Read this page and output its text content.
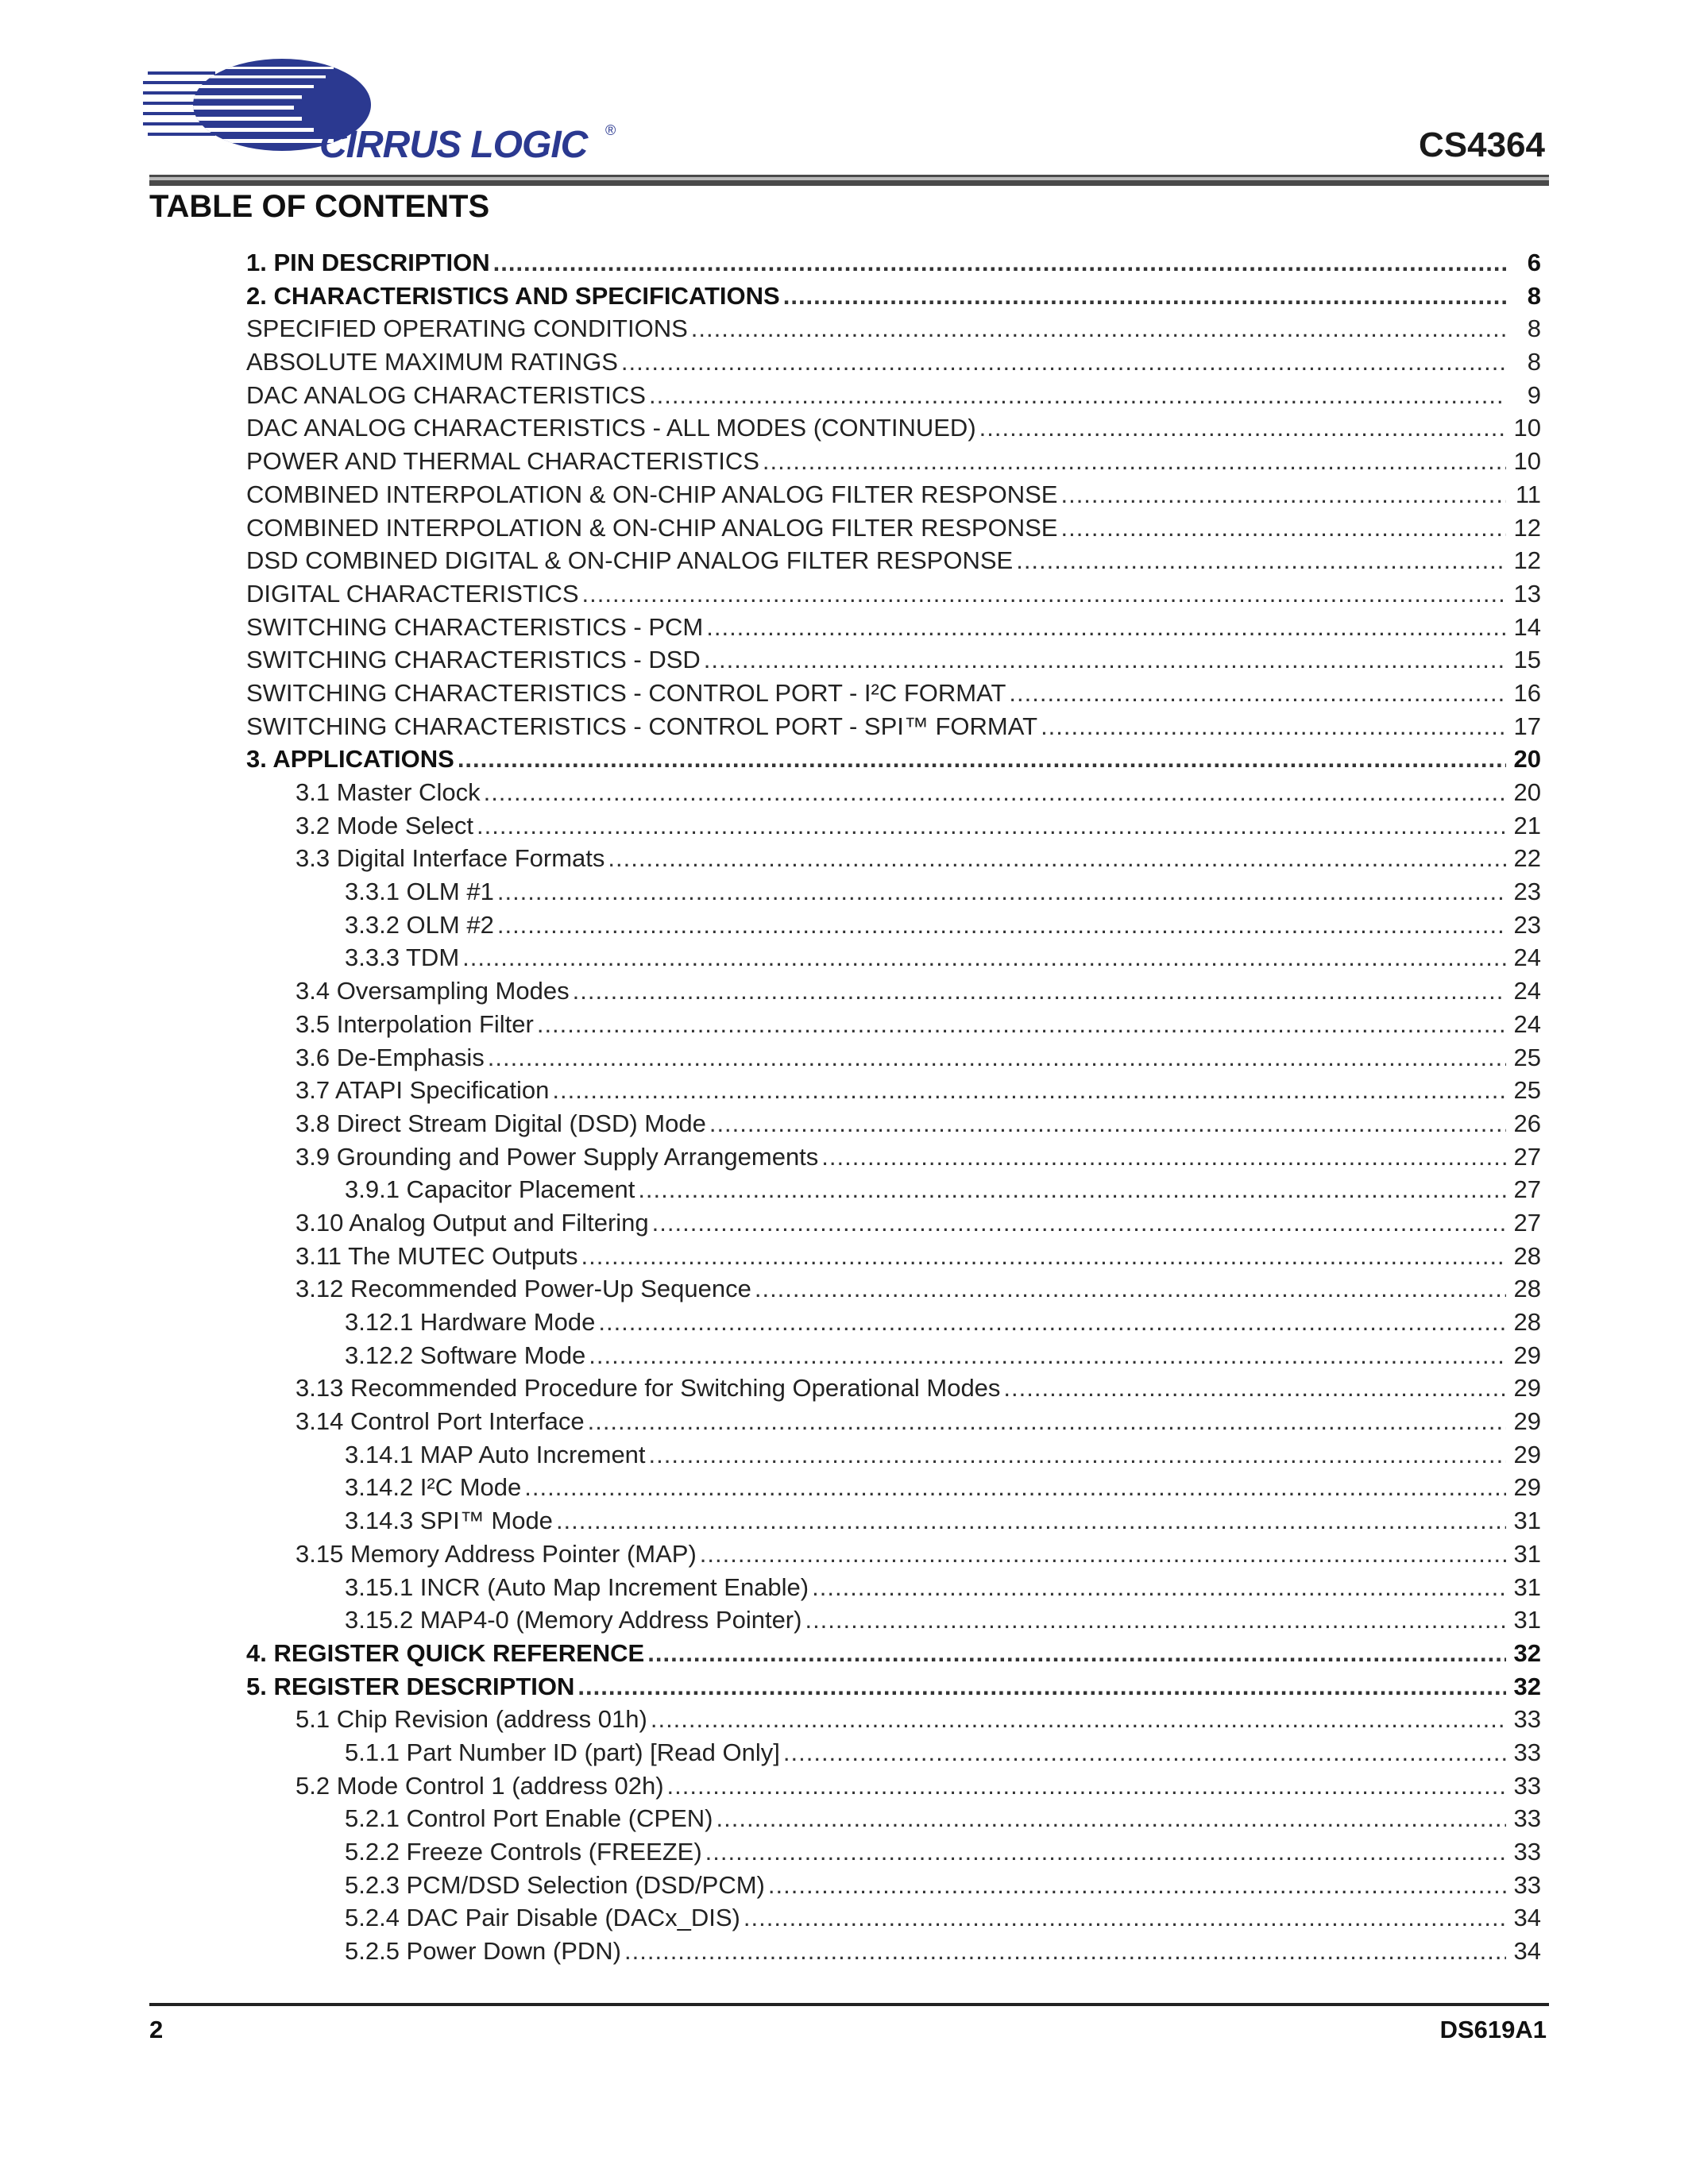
CIRRUS LOGIC ®	CS4364
TABLE OF CONTENTS
1. PIN DESCRIPTION .....	6
2. CHARACTERISTICS AND SPECIFICATIONS .....	8
SPECIFIED OPERATING CONDITIONS .....	8
ABSOLUTE MAXIMUM RATINGS .....	8
DAC ANALOG CHARACTERISTICS .....	9
DAC ANALOG CHARACTERISTICS - ALL MODES (CONTINUED) .....	10
POWER AND THERMAL CHARACTERISTICS .....	10
COMBINED INTERPOLATION & ON-CHIP ANALOG FILTER RESPONSE .....	11
COMBINED INTERPOLATION & ON-CHIP ANALOG FILTER RESPONSE .....	12
DSD COMBINED DIGITAL & ON-CHIP ANALOG FILTER RESPONSE .....	12
DIGITAL CHARACTERISTICS .....	13
SWITCHING CHARACTERISTICS - PCM .....	14
SWITCHING CHARACTERISTICS - DSD .....	15
SWITCHING CHARACTERISTICS - CONTROL PORT - I²C FORMAT .....	16
SWITCHING CHARACTERISTICS - CONTROL PORT - SPI™ FORMAT .....	17
3. APPLICATIONS .....	20
3.1 Master Clock .....	20
3.2 Mode Select .....	21
3.3 Digital Interface Formats .....	22
3.3.1 OLM #1 .....	23
3.3.2 OLM #2 .....	23
3.3.3 TDM .....	24
3.4 Oversampling Modes .....	24
3.5 Interpolation Filter .....	24
3.6 De-Emphasis .....	25
3.7 ATAPI Specification .....	25
3.8 Direct Stream Digital (DSD) Mode .....	26
3.9 Grounding and Power Supply Arrangements .....	27
3.9.1 Capacitor Placement .....	27
3.10 Analog Output and Filtering .....	27
3.11 The MUTEC Outputs .....	28
3.12 Recommended Power-Up Sequence .....	28
3.12.1 Hardware Mode .....	28
3.12.2 Software Mode .....	29
3.13 Recommended Procedure for Switching Operational Modes .....	29
3.14 Control Port Interface .....	29
3.14.1 MAP Auto Increment .....	29
3.14.2 I²C Mode .....	29
3.14.3 SPI™ Mode .....	31
3.15 Memory Address Pointer (MAP) .....	31
3.15.1 INCR (Auto Map Increment Enable) .....	31
3.15.2 MAP4-0 (Memory Address Pointer) .....	31
4. REGISTER QUICK REFERENCE .....	32
5. REGISTER DESCRIPTION .....	32
5.1 Chip Revision (address 01h) .....	33
5.1.1 Part Number ID (part) [Read Only] .....	33
5.2 Mode Control 1 (address 02h) .....	33
5.2.1 Control Port Enable (CPEN) .....	33
5.2.2 Freeze Controls (FREEZE) .....	33
5.2.3 PCM/DSD Selection (DSD/PCM) .....	33
5.2.4 DAC Pair Disable (DACx_DIS) .....	34
5.2.5 Power Down (PDN) .....	34
2	DS619A1
